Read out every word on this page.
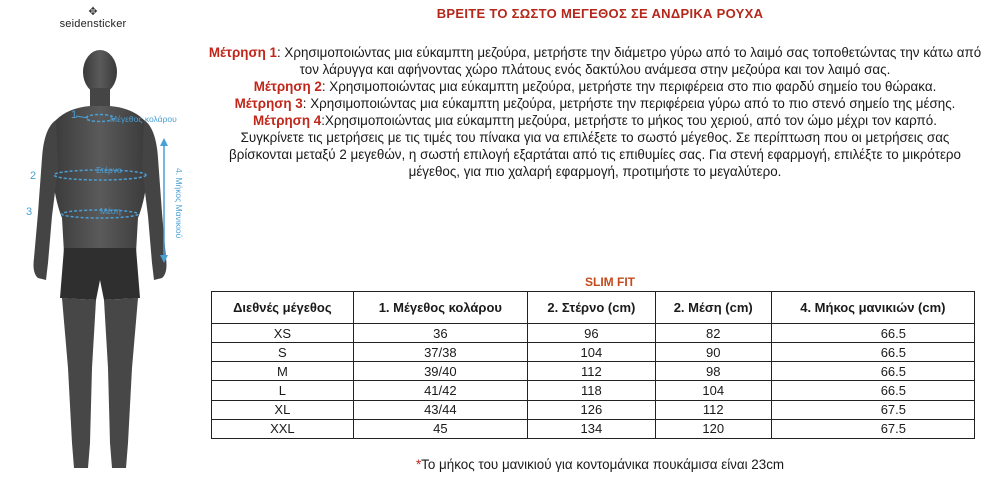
✥
seidensticker
1	Μέγεθος κολάρου
2	Στέρνο
3	Μέση	4. Μήκος Μανικιού
ΒΡΕΙΤΕ ΤΟ ΣΩΣΤΟ ΜΕΓΕΘΟΣ ΣΕ ΑΝΔΡΙΚΑ ΡΟΥΧΑ

Μέτρηση 1: Χρησιμοποιώντας μια εύκαμπτη μεζούρα, μετρήστε την διάμετρο γύρω από το λαιμό σας τοποθετώντας την κάτω από τον λάρυγγα και αφήνοντας χώρο πλάτους ενός δακτύλου ανάμεσα στην μεζούρα και τον λαιμό σας.

Μέτρηση 2: Χρησιμοποιώντας μια εύκαμπτη μεζούρα, μετρήστε την περιφέρεια στο πιο φαρδύ σημείο του θώρακα.

Μέτρηση 3: Χρησιμοποιώντας μια εύκαμπτη μεζούρα, μετρήστε την περιφέρεια γύρω από το πιο στενό σημείο της μέσης.

Μέτρηση 4:Χρησιμοποιώντας μια εύκαμπτη μεζούρα, μετρήστε το μήκος του χεριού, από τον ώμο μέχρι τον καρπό.

Συγκρίνετε τις μετρήσεις με τις τιμές του πίνακα για να επιλέξετε το σωστό μέγεθος. Σε περίπτωση που οι μετρήσεις σας βρίσκονται μεταξύ 2 μεγεθών, η σωστή επιλογή εξαρτάται από τις επιθυμίες σας. Για στενή εφαρμογή, επιλέξτε το μικρότερο μέγεθος, για πιο χαλαρή εφαρμογή, προτιμήστε το μεγαλύτερο.

SLIM FIT
Διεθνές μέγεθος	1. Μέγεθος κολάρου	2. Στέρνο (cm)	2. Μέση (cm)	4. Μήκος μανικιών (cm)
XS	36	96	82	66.5
S	37/38	104	90	66.5
M	39/40	112	98	66.5
L	41/42	118	104	66.5
XL	43/44	126	112	67.5
XXL	45	134	120	67.5
*Το μήκος του μανικιού για κοντομάνικα πουκάμισα είναι 23cm
